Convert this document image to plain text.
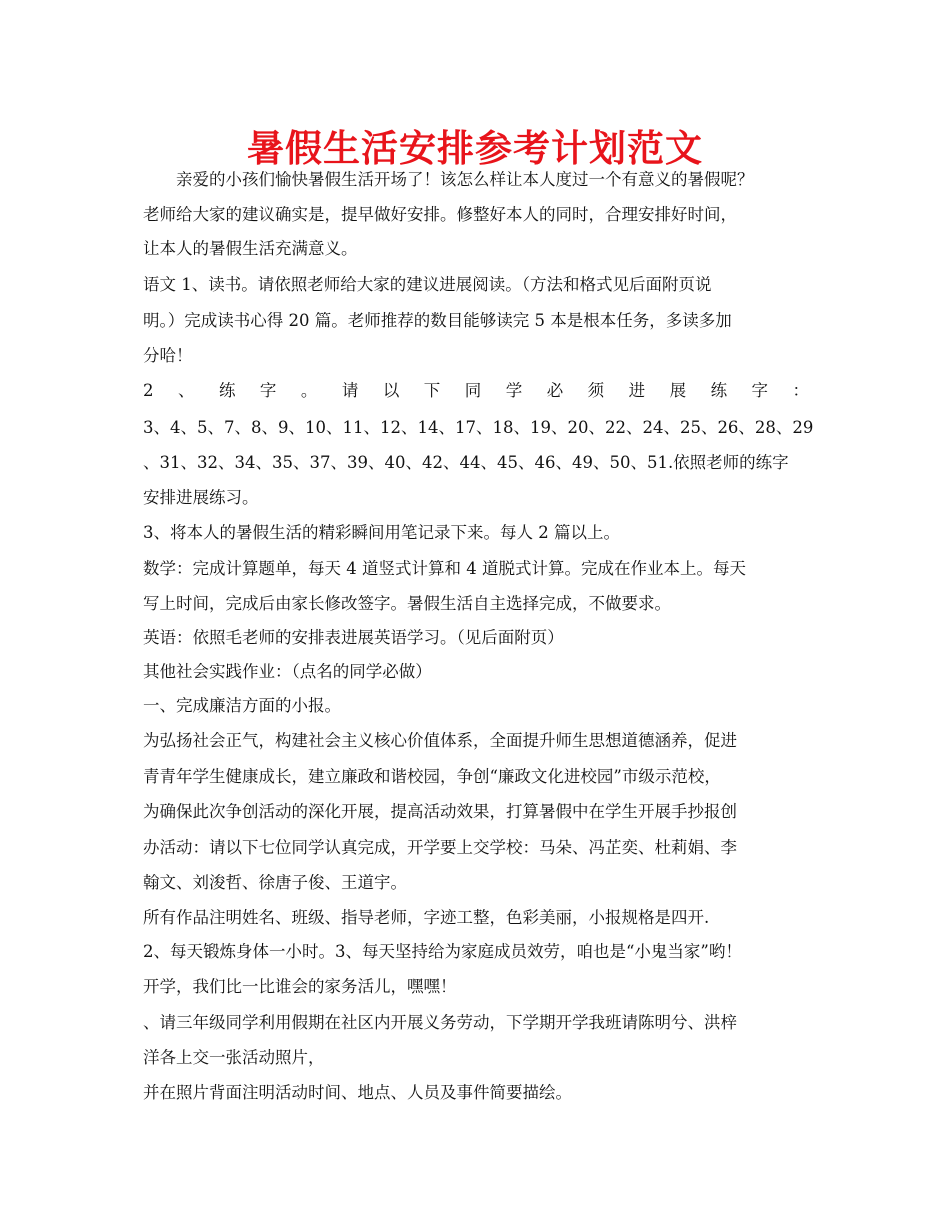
暑假生活安排参考计划范文
亲爱的小孩们愉快暑假生活开场了！该怎么样让本人度过一个有意义的暑假呢？
老师给大家的建议确实是，提早做好安排。修整好本人的同时，合理安排好时间，
让本人的暑假生活充满意义。
语文 1、读书。请依照老师给大家的建议进展阅读。（方法和格式见后面附页说
明。）完成读书心得 20 篇。老师推荐的数目能够读完 5 本是根本任务，多读多加
分哈！
2 、 练 字 。 请 以 下 同 学 必 须 进 展 练 字 ：
3、4、5、7、8、9、10、11、12、14、17、18、19、20、22、24、25、26、28、29
、31、32、34、35、37、39、40、42、44、45、46、49、50、51.依照老师的练字
安排进展练习。
3、将本人的暑假生活的精彩瞬间用笔记录下来。每人 2 篇以上。
数学：完成计算题单，每天 4 道竖式计算和 4 道脱式计算。完成在作业本上。每天
写上时间，完成后由家长修改签字。暑假生活自主选择完成，不做要求。
英语：依照毛老师的安排表进展英语学习。（见后面附页）
其他社会实践作业：（点名的同学必做）
一、完成廉洁方面的小报。
为弘扬社会正气，构建社会主义核心价值体系，全面提升师生思想道德涵养，促进
青青年学生健康成长，建立廉政和谐校园，争创“廉政文化进校园”市级示范校，
为确保此次争创活动的深化开展，提高活动效果，打算暑假中在学生开展手抄报创
办活动：请以下七位同学认真完成，开学要上交学校：马朵、冯芷奕、杜莉娟、李
翰文、刘浚哲、徐唐子俊、王道宇。
所有作品注明姓名、班级、指导老师，字迹工整，色彩美丽，小报规格是四开.
2、每天锻炼身体一小时。3、每天坚持给为家庭成员效劳，咱也是“小鬼当家”哟！
开学，我们比一比谁会的家务活儿，嘿嘿！
、请三年级同学利用假期在社区内开展义务劳动，下学期开学我班请陈明兮、洪梓
洋各上交一张活动照片，
并在照片背面注明活动时间、地点、人员及事件简要描绘。
